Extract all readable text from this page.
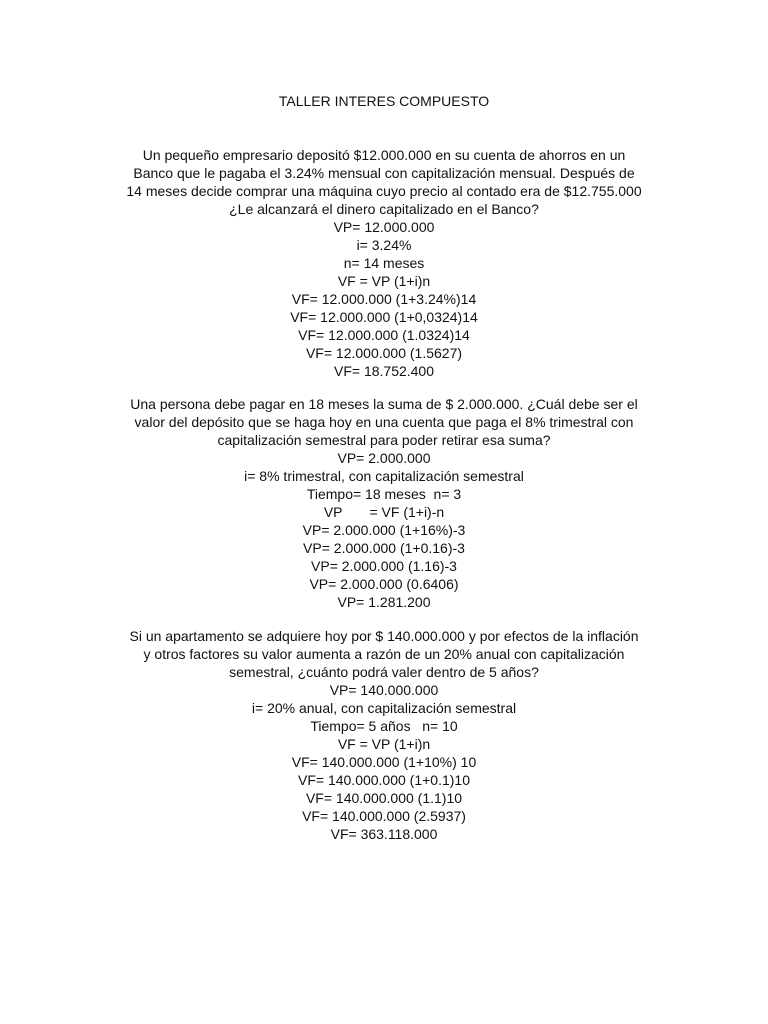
TALLER INTERES COMPUESTO
Un pequeño empresario depositó $12.000.000 en su cuenta de ahorros en un
Banco que le pagaba el 3.24% mensual con capitalización mensual. Después de
14 meses decide comprar una máquina cuyo precio al contado era de $12.755.000
¿Le alcanzará el dinero capitalizado en el Banco?
VP= 12.000.000
i= 3.24%
n= 14 meses
VF = VP (1+i)n
VF= 12.000.000 (1+3.24%)14
VF= 12.000.000 (1+0,0324)14
VF= 12.000.000 (1.0324)14
VF= 12.000.000 (1.5627)
VF= 18.752.400
Una persona debe pagar en 18 meses la suma de $ 2.000.000. ¿Cuál debe ser el
valor del depósito que se haga hoy en una cuenta que paga el 8% trimestral con
capitalización semestral para poder retirar esa suma?
VP= 2.000.000
i= 8% trimestral, con capitalización semestral
Tiempo= 18 meses  n= 3
VP       = VF (1+i)-n
VP= 2.000.000 (1+16%)-3
VP= 2.000.000 (1+0.16)-3
VP= 2.000.000 (1.16)-3
VP= 2.000.000 (0.6406)
VP= 1.281.200
Si un apartamento se adquiere hoy por $ 140.000.000 y por efectos de la inflación
y otros factores su valor aumenta a razón de un 20% anual con capitalización
semestral, ¿cuánto podrá valer dentro de 5 años?
VP= 140.000.000
i= 20% anual, con capitalización semestral
Tiempo= 5 años   n= 10
VF = VP (1+i)n
VF= 140.000.000 (1+10%) 10
VF= 140.000.000 (1+0.1)10
VF= 140.000.000 (1.1)10
VF= 140.000.000 (2.5937)
VF= 363.118.000
